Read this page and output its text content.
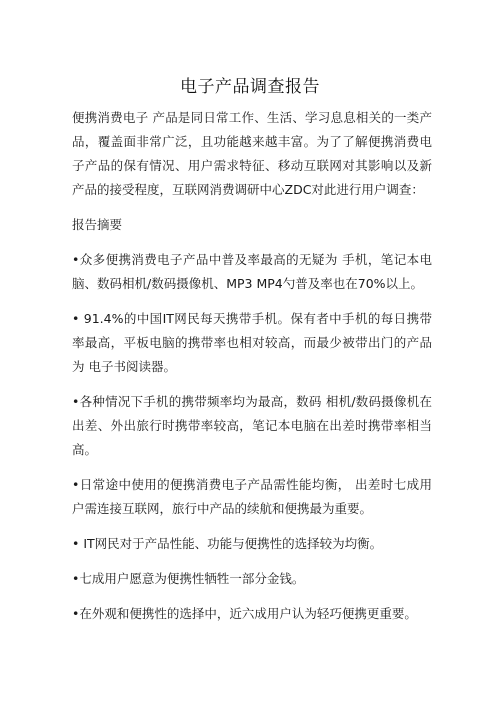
电子产品调查报告

便携消费电子 产品是同日常工作、生活、学习息息相关的一类产品，覆盖面非常广泛，且功能越来越丰富。为了了解便携消费电子产品的保有情况、用户需求特征、移动互联网对其影响以及新产品的接受程度，互联网消费调研中心ZDC对此进行用户调查：

报告摘要

•众多便携消费电子产品中普及率最高的无疑为 手机，笔记本电脑、数码相机/数码摄像机、MP3 MP4勺普及率也在70%以上。

• 91.4%的中国IT网民每天携带手机。保有者中手机的每日携带率最高，平板电脑的携带率也相对较高，而最少被带出门的产品为 电子书阅读器。

•各种情况下手机的携带频率均为最高，数码 相机/数码摄像机在出差、外出旅行时携带率较高，笔记本电脑在出差时携带率相当高。

•日常途中使用的便携消费电子产品需性能均衡， 出差时七成用户需连接互联网，旅行中产品的续航和便携最为重要。

• IT网民对于产品性能、功能与便携性的选择较为均衡。

•七成用户愿意为便携性牺牲一部分金钱。

•在外观和便携性的选择中，近六成用户认为轻巧便携更重要。
